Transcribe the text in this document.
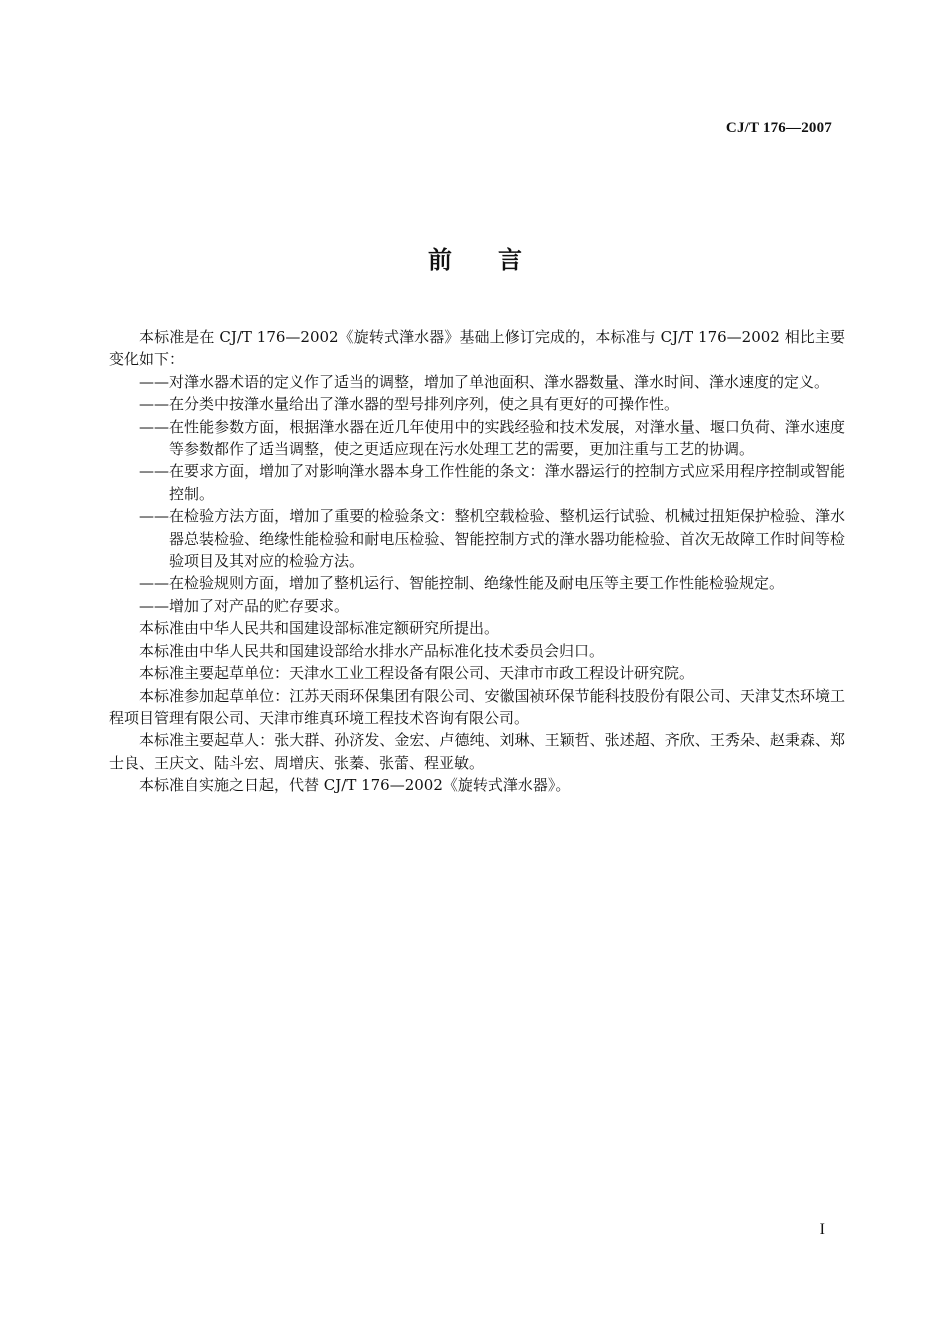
CJ/T 176—2007
前言

本标准是在 CJ/T 176—2002《旋转式潷水器》基础上修订完成的，本标准与 CJ/T 176—2002 相比主要变化如下：

——对潷水器术语的定义作了适当的调整，增加了单池面积、潷水器数量、潷水时间、潷水速度的定义。

——在分类中按潷水量给出了潷水器的型号排列序列，使之具有更好的可操作性。

——在性能参数方面，根据潷水器在近几年使用中的实践经验和技术发展，对潷水量、堰口负荷、潷水速度等参数都作了适当调整，使之更适应现在污水处理工艺的需要，更加注重与工艺的协调。

——在要求方面，增加了对影响潷水器本身工作性能的条文：潷水器运行的控制方式应采用程序控制或智能控制。

——在检验方法方面，增加了重要的检验条文：整机空载检验、整机运行试验、机械过扭矩保护检验、潷水器总装检验、绝缘性能检验和耐电压检验、智能控制方式的潷水器功能检验、首次无故障工作时间等检验项目及其对应的检验方法。

——在检验规则方面，增加了整机运行、智能控制、绝缘性能及耐电压等主要工作性能检验规定。

——增加了对产品的贮存要求。

本标准由中华人民共和国建设部标准定额研究所提出。

本标准由中华人民共和国建设部给水排水产品标准化技术委员会归口。

本标准主要起草单位：天津水工业工程设备有限公司、天津市市政工程设计研究院。

本标准参加起草单位：江苏天雨环保集团有限公司、安徽国祯环保节能科技股份有限公司、天津艾杰环境工程项目管理有限公司、天津市维真环境工程技术咨询有限公司。

本标准主要起草人：张大群、孙济发、金宏、卢德纯、刘琳、王颖哲、张述超、齐欣、王秀朵、赵秉森、郑士良、王庆文、陆斗宏、周增庆、张蓁、张蕾、程亚敏。

本标准自实施之日起，代替 CJ/T 176—2002《旋转式潷水器》。

I
